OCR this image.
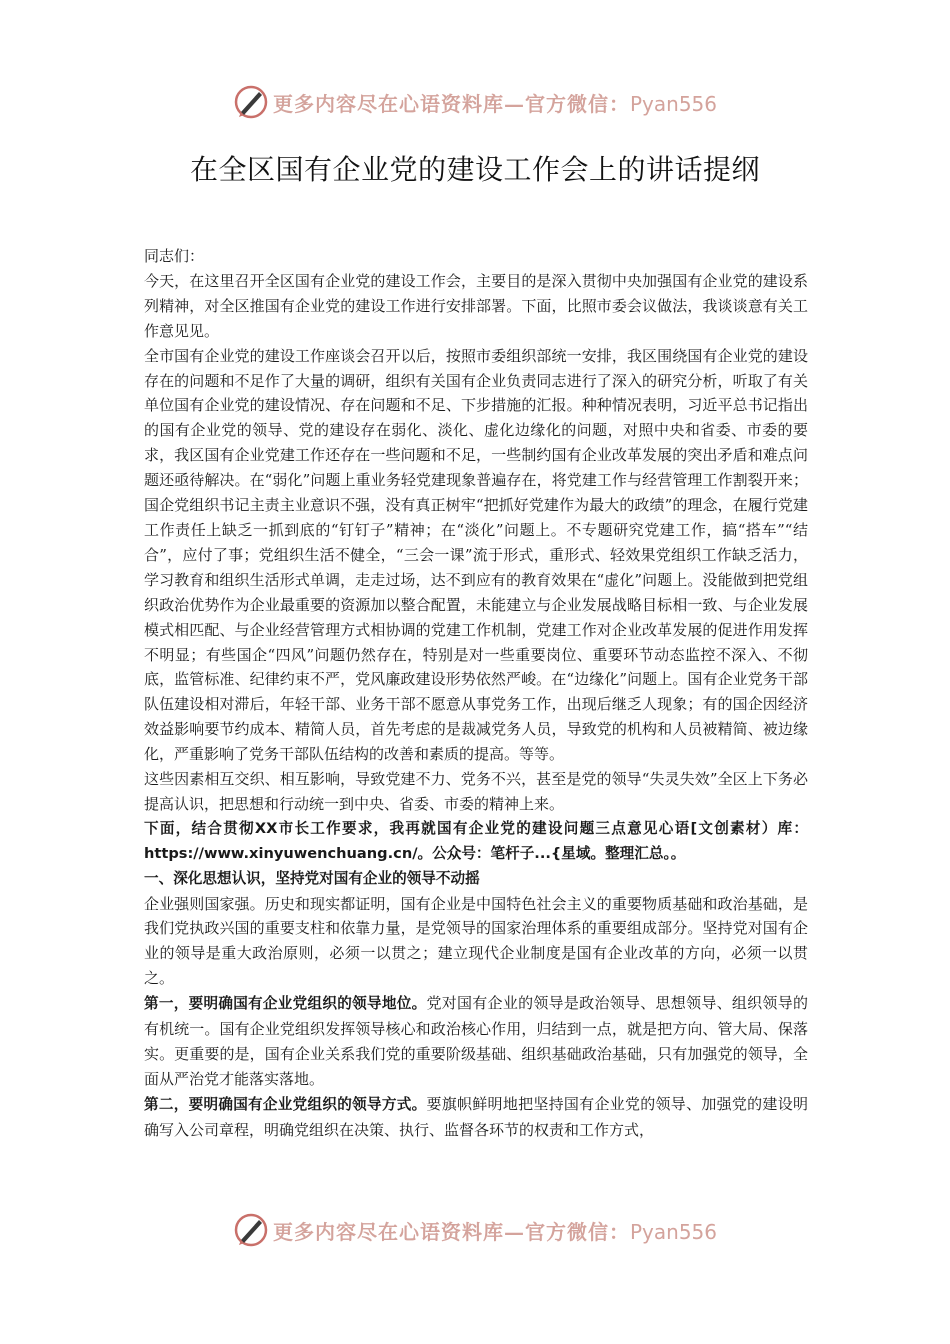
更多内容尽在心语资料库—官方微信：Pyan556
在全区国有企业党的建设工作会上的讲话提纲

同志们：

今天，在这里召开全区国有企业党的建设工作会，主要目的是深入贯彻中央加强国有企业党的建设系列精神，对全区推国有企业党的建设工作进行安排部署。下面，比照市委会议做法，我谈谈意有关工作意见见。

全市国有企业党的建设工作座谈会召开以后，按照市委组织部统一安排，我区围绕国有企业党的建设存在的问题和不足作了大量的调研，组织有关国有企业负责同志进行了深入的研究分析，听取了有关单位国有企业党的建设情况、存在问题和不足、下步措施的汇报。种种情况表明，习近平总书记指出的国有企业党的领导、党的建设存在弱化、淡化、虚化边缘化的问题，对照中央和省委、市委的要求，我区国有企业党建工作还存在一些问题和不足，一些制约国有企业改革发展的突出矛盾和难点问题还亟待解决。在“弱化”问题上重业务轻党建现象普遍存在，将党建工作与经营管理工作割裂开来；国企党组织书记主责主业意识不强，没有真正树牢“把抓好党建作为最大的政绩”的理念，在履行党建工作责任上缺乏一抓到底的“钉钉子”精神；在“淡化”问题上。不专题研究党建工作，搞“搭车”“结合”，应付了事；党组织生活不健全，“三会一课”流于形式，重形式、轻效果党组织工作缺乏活力，学习教育和组织生活形式单调，走走过场，达不到应有的教育效果在“虚化”问题上。没能做到把党组织政治优势作为企业最重要的资源加以整合配置，未能建立与企业发展战略目标相一致、与企业发展模式相匹配、与企业经营管理方式相协调的党建工作机制，党建工作对企业改革发展的促进作用发挥不明显；有些国企“四风”问题仍然存在，特别是对一些重要岗位、重要环节动态监控不深入、不彻底，监管标准、纪律约束不严，党风廉政建设形势依然严峻。在“边缘化”问题上。国有企业党务干部队伍建设相对滞后，年轻干部、业务干部不愿意从事党务工作，出现后继乏人现象；有的国企因经济效益影响要节约成本、精简人员，首先考虑的是裁减党务人员，导致党的机构和人员被精简、被边缘化，严重影响了党务干部队伍结构的改善和素质的提高。等等。

这些因素相互交织、相互影响，导致党建不力、党务不兴，甚至是党的领导“失灵失效”全区上下务必提高认识，把思想和行动统一到中央、省委、市委的精神上来。

下面，结合贯彻XX市长工作要求，我再就国有企业党的建设问题三点意见心语[文创素材）库：https://www.xinyuwenchuang.cn/。公众号：笔杆子...{星域。整理汇总。。

一、深化思想认识，坚持党对国有企业的领导不动摇

企业强则国家强。历史和现实都证明，国有企业是中国特色社会主义的重要物质基础和政治基础，是我们党执政兴国的重要支柱和依靠力量，是党领导的国家治理体系的重要组成部分。坚持党对国有企业的领导是重大政治原则，必须一以贯之；建立现代企业制度是国有企业改革的方向，必须一以贯之。

第一，要明确国有企业党组织的领导地位。党对国有企业的领导是政治领导、思想领导、组织领导的有机统一。国有企业党组织发挥领导核心和政治核心作用，归结到一点，就是把方向、管大局、保落实。更重要的是，国有企业关系我们党的重要阶级基础、组织基础政治基础，只有加强党的领导，全面从严治党才能落实落地。

第二，要明确国有企业党组织的领导方式。要旗帜鲜明地把坚持国有企业党的领导、加强党的建设明确写入公司章程，明确党组织在决策、执行、监督各环节的权责和工作方式，

更多内容尽在心语资料库—官方微信：Pyan556
